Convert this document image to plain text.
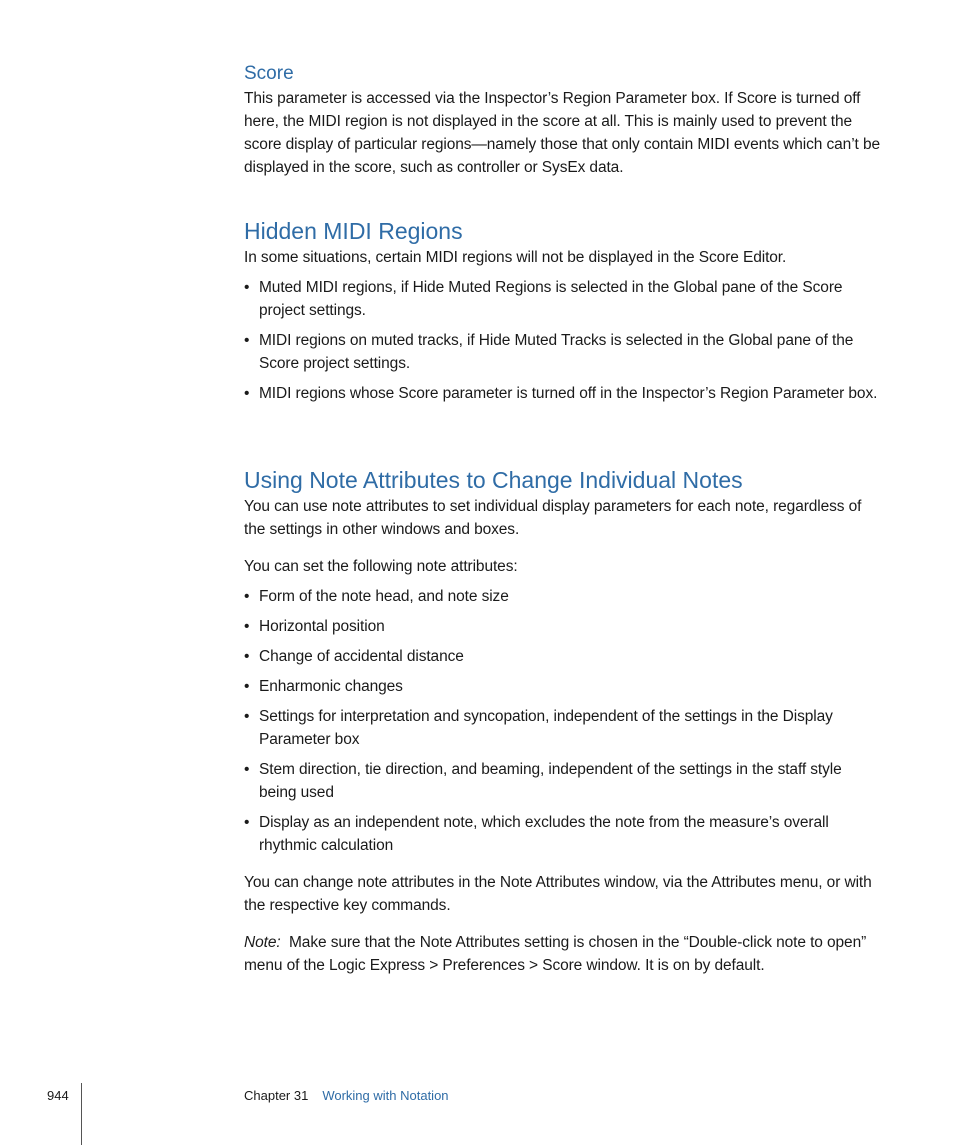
Score
This parameter is accessed via the Inspector’s Region Parameter box. If Score is turned off here, the MIDI region is not displayed in the score at all. This is mainly used to prevent the score display of particular regions—namely those that only contain MIDI events which can’t be displayed in the score, such as controller or SysEx data.
Hidden MIDI Regions
In some situations, certain MIDI regions will not be displayed in the Score Editor.
• Muted MIDI regions, if Hide Muted Regions is selected in the Global pane of the Score project settings.
• MIDI regions on muted tracks, if Hide Muted Tracks is selected in the Global pane of the Score project settings.
• MIDI regions whose Score parameter is turned off in the Inspector’s Region Parameter box.
Using Note Attributes to Change Individual Notes
You can use note attributes to set individual display parameters for each note, regardless of the settings in other windows and boxes.
You can set the following note attributes:
• Form of the note head, and note size
• Horizontal position
• Change of accidental distance
• Enharmonic changes
• Settings for interpretation and syncopation, independent of the settings in the Display Parameter box
• Stem direction, tie direction, and beaming, independent of the settings in the staff style being used
• Display as an independent note, which excludes the note from the measure’s overall rhythmic calculation
You can change note attributes in the Note Attributes window, via the Attributes menu, or with the respective key commands.
Note: Make sure that the Note Attributes setting is chosen in the “Double-click note to open” menu of the Logic Express > Preferences > Score window. It is on by default.
944	Chapter 31 Working with Notation
